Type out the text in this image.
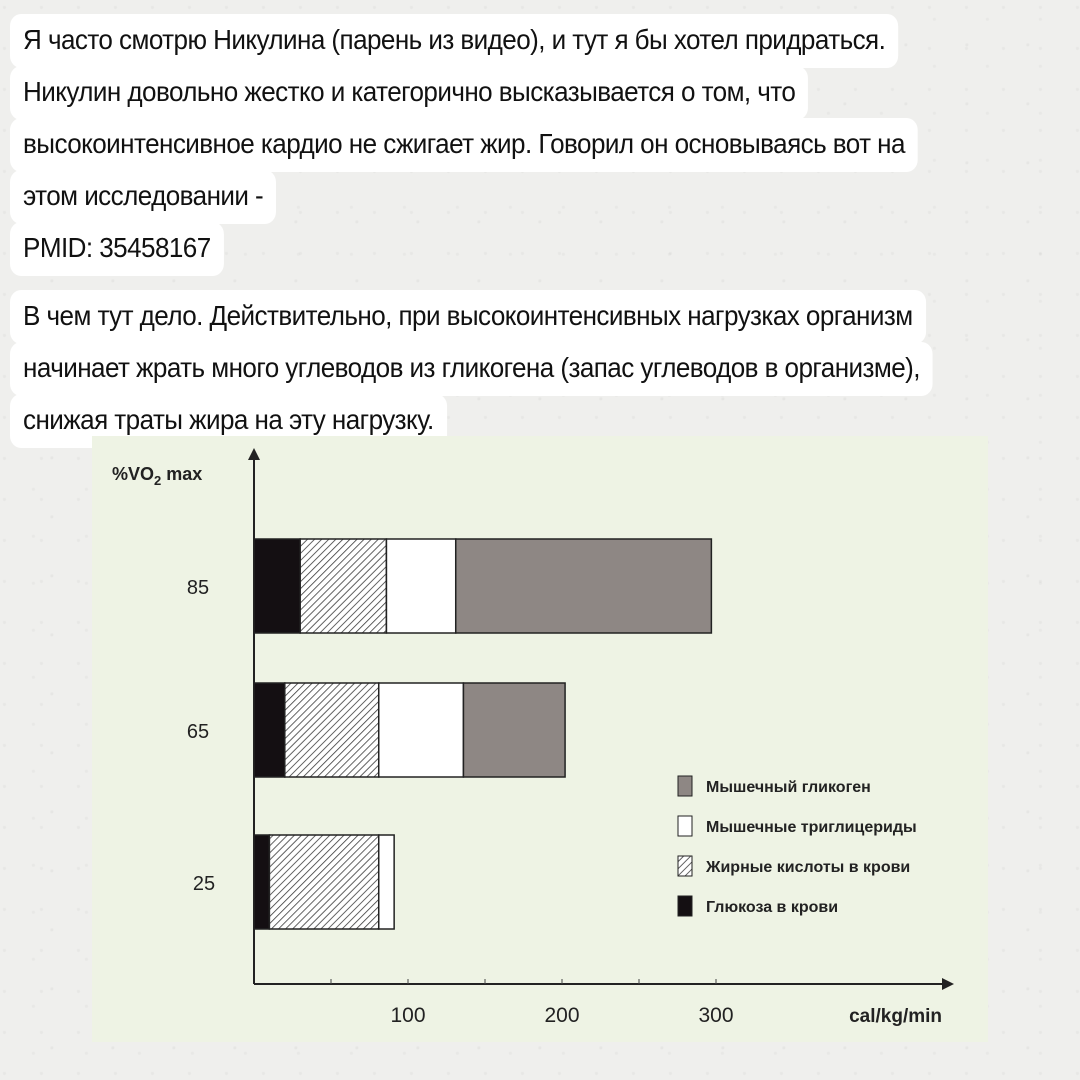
Я часто смотрю Никулина (парень из видео), и тут я бы хотел придраться.
Никулин довольно жестко и категорично высказывается о том, что
высокоинтенсивное кардио не сжигает жир. Говорил он основываясь вот на
этом исследовании -
PMID: 35458167
В чем тут дело. Действительно, при высокоинтенсивных нагрузках организм
начинает жрать много углеводов из гликогена (запас углеводов в организме),
снижая траты жира на эту нагрузку.
100	200	300
$\%VO_2$ max
cal/kg/min
85
65
25
Мышечный гликоген
Мышечные триглицериды
Жирные кислоты в крови
Глюкоза в крови
